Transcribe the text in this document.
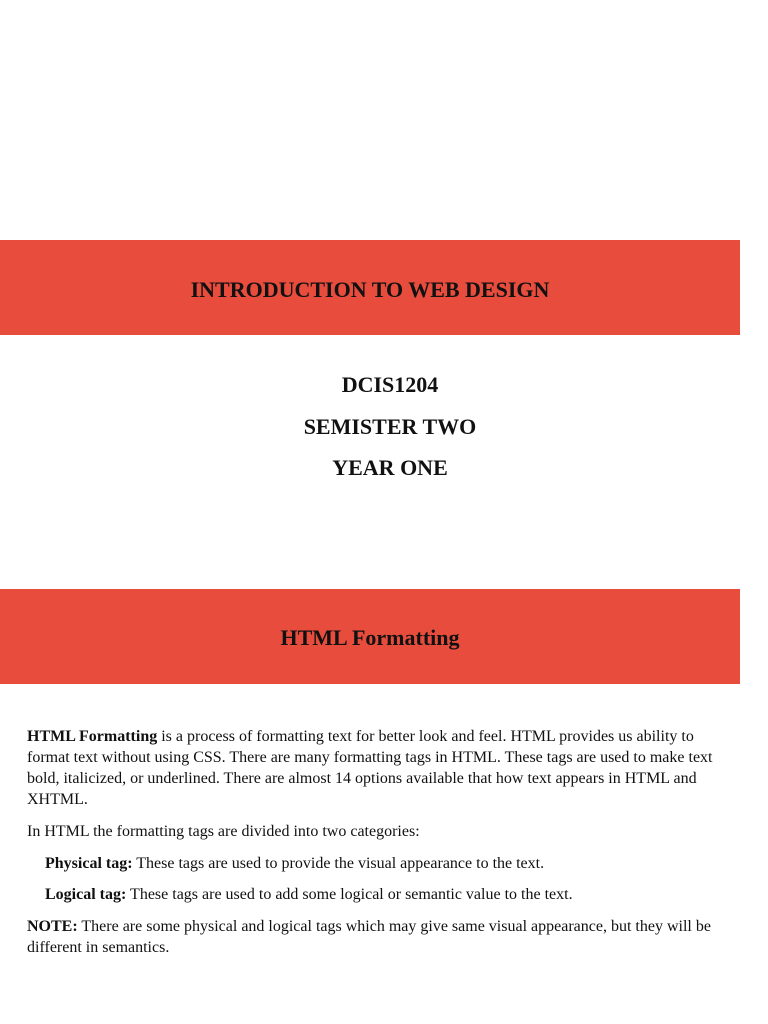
INTRODUCTION TO WEB DESIGN
DCIS1204
SEMISTER TWO
YEAR ONE
HTML Formatting
HTML Formatting is a process of formatting text for better look and feel. HTML provides us ability to format text without using CSS. There are many formatting tags in HTML. These tags are used to make text bold, italicized, or underlined. There are almost 14 options available that how text appears in HTML and XHTML.
In HTML the formatting tags are divided into two categories:
Physical tag: These tags are used to provide the visual appearance to the text.
Logical tag: These tags are used to add some logical or semantic value to the text.
NOTE: There are some physical and logical tags which may give same visual appearance, but they will be different in semantics.
